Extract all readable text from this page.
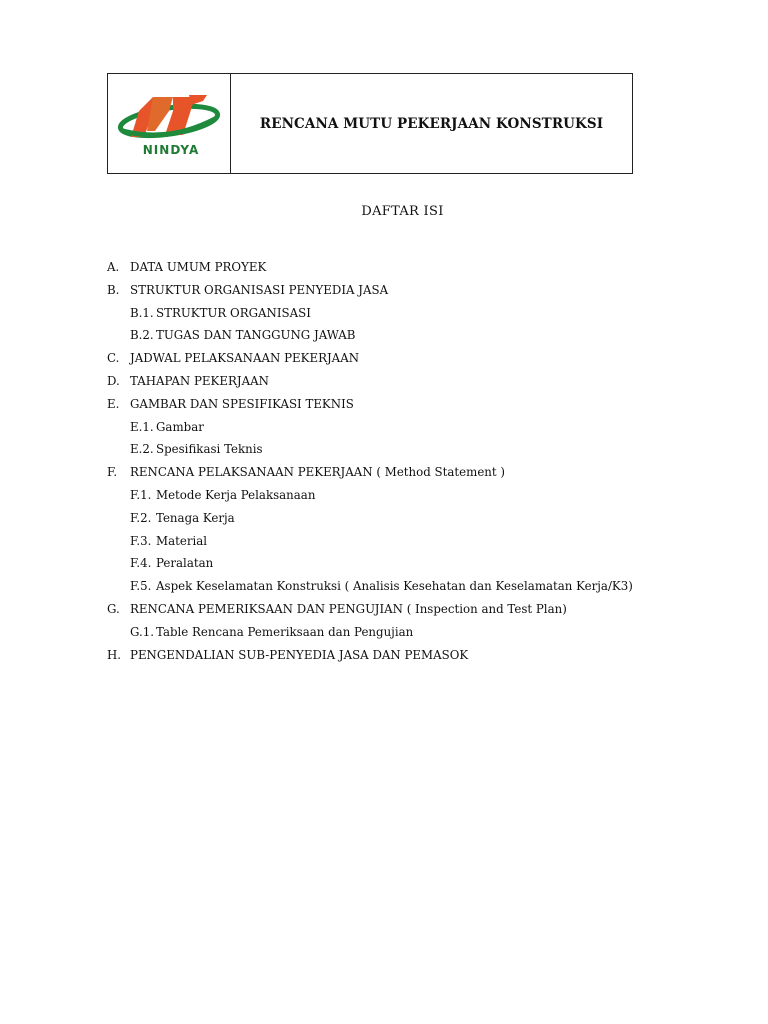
NINDYA
RENCANA MUTU PEKERJAAN KONSTRUKSI
DAFTAR ISI
A. DATA UMUM PROYEK
B. STRUKTUR ORGANISASI PENYEDIA JASA
B.1. STRUKTUR ORGANISASI
B.2. TUGAS DAN TANGGUNG JAWAB
C. JADWAL PELAKSANAAN PEKERJAAN
D. TAHAPAN PEKERJAAN
E. GAMBAR DAN SPESIFIKASI TEKNIS
E.1. Gambar
E.2. Spesifikasi Teknis
F.	RENCANA PELAKSANAAN PEKERJAAN ( Method Statement )
F.1. Metode Kerja Pelaksanaan
F.2. Tenaga Kerja
F.3. Material
F.4. Peralatan
F.5. Aspek Keselamatan Konstruksi ( Analisis Kesehatan dan Keselamatan Kerja/K3)
G. RENCANA PEMERIKSAAN DAN PENGUJIAN ( Inspection and Test Plan)
G.1. Table Rencana Pemeriksaan dan Pengujian
H. PENGENDALIAN SUB-PENYEDIA JASA DAN PEMASOK
